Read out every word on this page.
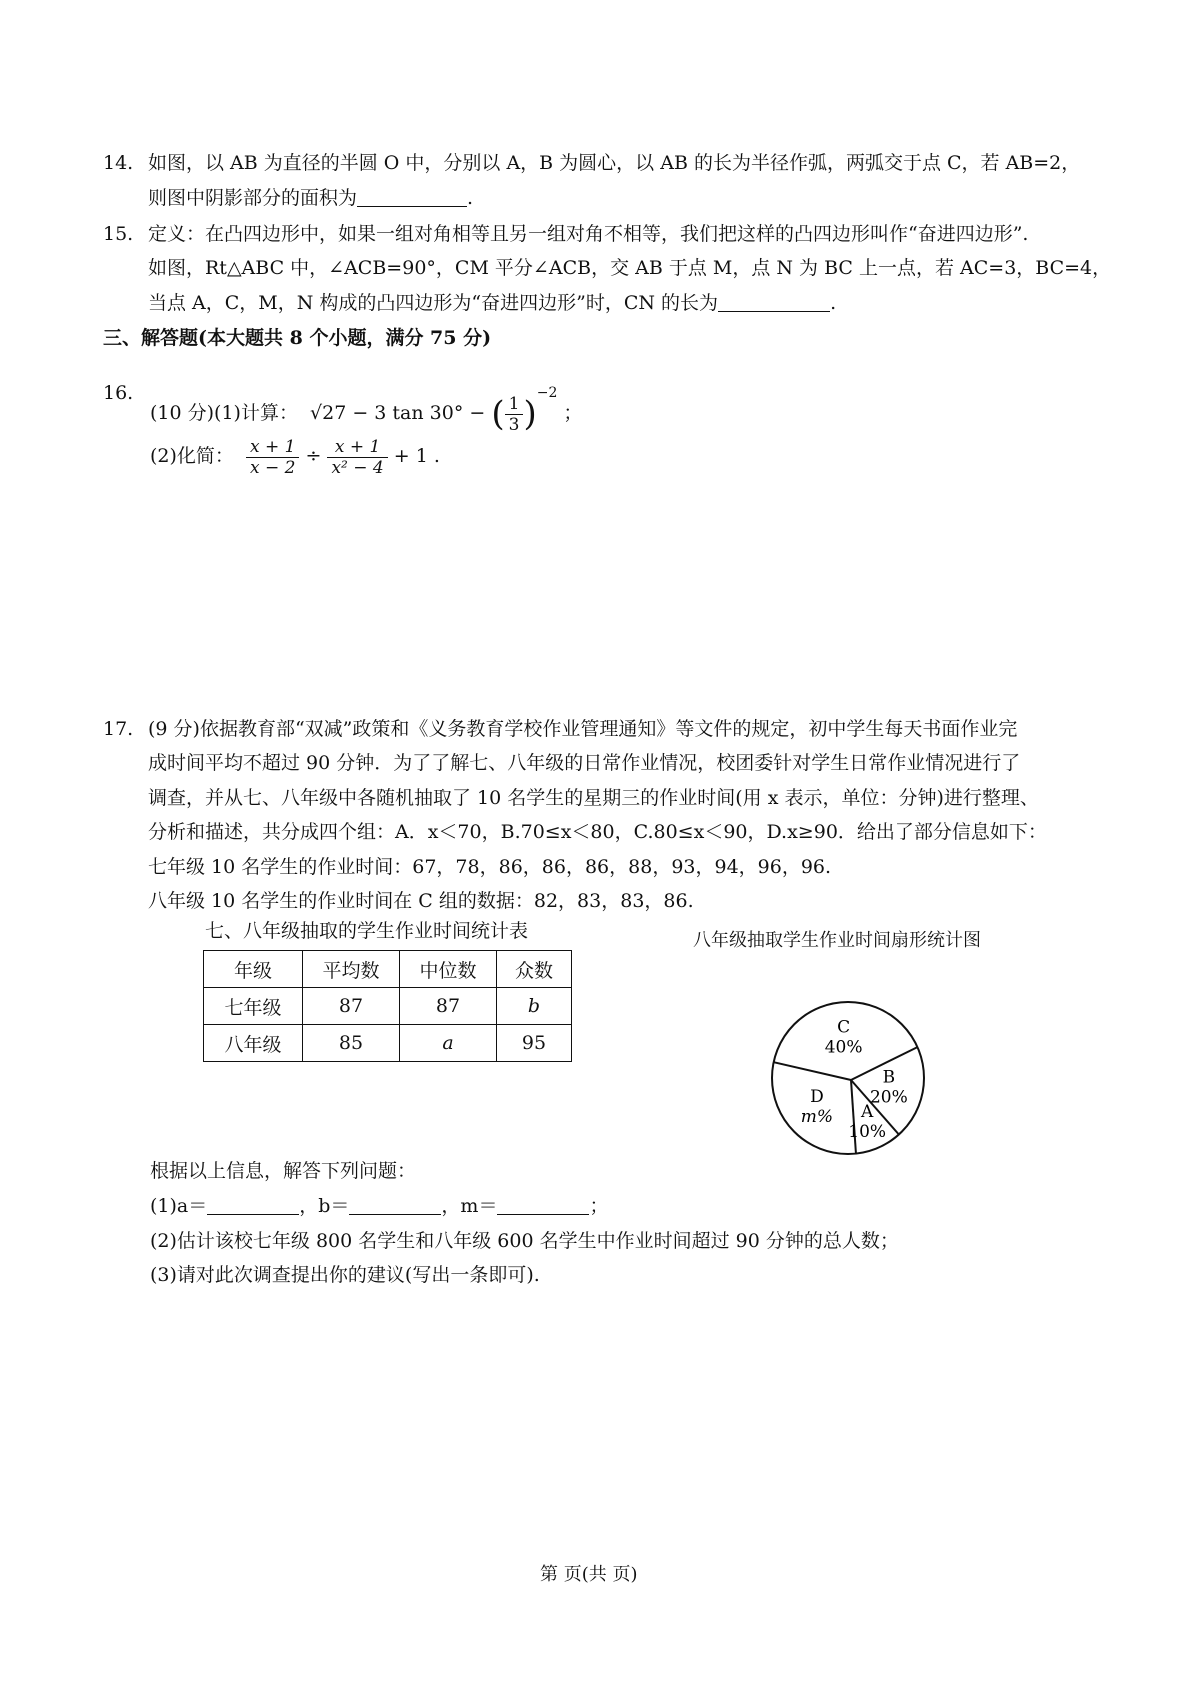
14. 如图，以 AB 为直径的半圆 O 中，分别以 A，B 为圆心，以 AB 的长为半径作弧，两弧交于点 C，若 AB=2，
则图中阴影部分的面积为	.
15. 定义：在凸四边形中，如果一组对角相等且另一组对角不相等，我们把这样的凸四边形叫作“奋进四边形”.
如图，Rt△ABC 中，∠ACB=90°，CM 平分∠ACB，交 AB 于点 M，点 N 为 BC 上一点，若 AC=3，BC=4，
当点 A，C，M，N 构成的凸四边形为“奋进四边形”时，CN 的长为	.
三、解答题(本大题共 8 个小题，满分 75 分)
16.
(10 分)(1)计算： √27 − 3 tan 30° − ( $\frac{1}{3} )^{-2}$ ；
(2)化简： $\frac{x + 1}{x - 2} \div \frac{x + 1}{\text{x² − 4}} + 1$ .
17. (9 分)依据教育部“双减”政策和《义务教育学校作业管理通知》等文件的规定，初中学生每天书面作业完
成时间平均不超过 90 分钟．为了了解七、八年级的日常作业情况，校团委针对学生日常作业情况进行了
调查，并从七、八年级中各随机抽取了 10 名学生的星期三的作业时间(用 x 表示，单位：分钟)进行整理、
分析和描述，共分成四个组：A．x＜70，B.70≤x＜80，C.80≤x＜90，D.x≥90．给出了部分信息如下：
七年级 10 名学生的作业时间：67，78，86，86，86，88，93，94，96，96.
八年级 10 名学生的作业时间在 C 组的数据：82，83，83，86.
七、八年级抽取的学生作业时间统计表
年级	平均数	中位数	众数
七年级	87	87	b
八年级	85	a	95
八年级抽取学生作业时间扇形统计图
C
40%
B
20%
A
10%
D
m%
根据以上信息，解答下列问题：
(1)a＝	，b＝	，m＝	；
(2)估计该校七年级 800 名学生和八年级 600 名学生中作业时间超过 90 分钟的总人数；
(3)请对此次调查提出你的建议(写出一条即可).
第 页(共 页)
